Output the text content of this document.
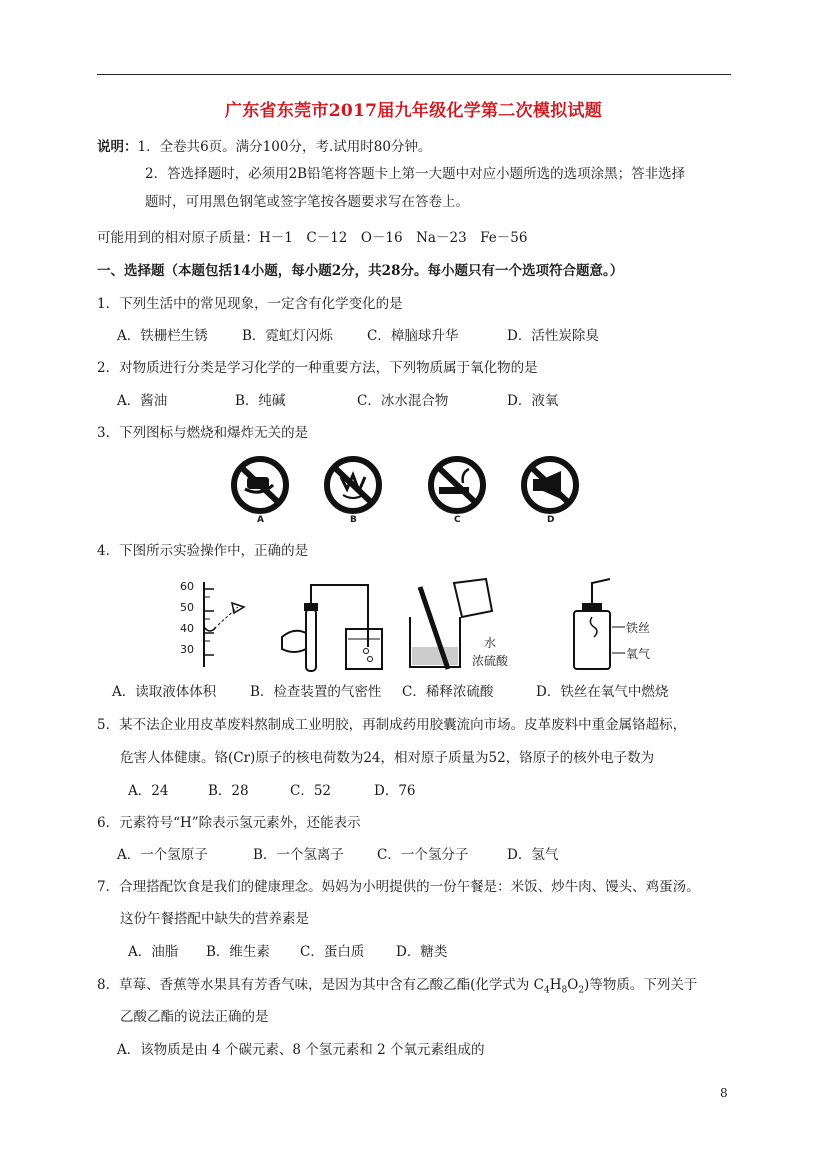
广东省东莞市2017届九年级化学第二次模拟试题
说明：1．全卷共6页。满分100分，考.试用时80分钟。
2．答选择题时，必须用2B铅笔将答题卡上第一大题中对应小题所选的选项涂黑；答非选择
题时，可用黑色钢笔或签字笔按各题要求写在答卷上。
可能用到的相对原子质量：H－1　C－12　O－16　Na－23　Fe－56
一、选择题（本题包括14小题，每小题2分，共28分。每小题只有一个选项符合题意。）
1．下列生活中的常见现象，一定含有化学变化的是
A．铁栅栏生锈	B．霓虹灯闪烁	C．樟脑球升华	D．活性炭除臭
2．对物质进行分类是学习化学的一种重要方法，下列物质属于氧化物的是
A．酱油	B．纯碱	C．冰水混合物	D．液氧
3．下列图标与燃烧和爆炸无关的是
A	B	C	D
4．下图所示实验操作中，正确的是
60
50
40
30	水
浓硫酸
铁丝
氧气
A．读取液体体积	B．检查装置的气密性 C．稀释浓硫酸	D．铁丝在氧气中燃烧
5．某不法企业用皮革废料熬制成工业明胶，再制成药用胶囊流向市场。皮革废料中重金属铬超标，
危害人体健康。铬(Cr)原子的核电荷数为24，相对原子质量为52，铬原子的核外电子数为
A．24	B．28	C．52	D．76
6．元素符号“H”除表示氢元素外，还能表示
A．一个氢原子	B．一个氢离子 C．一个氢分子	D．氢气
7．合理搭配饮食是我们的健康理念。妈妈为小明提供的一份午餐是：米饭、炒牛肉、馒头、鸡蛋汤。
这份午餐搭配中缺失的营养素是
A．油脂 B．维生素 C．蛋白质 D．糖类
8．草莓、香蕉等水果具有芳香气味，是因为其中含有乙酸乙酯(化学式为 $C_4H_8O_2$)等物质。下列关于
乙酸乙酯的说法正确的是
A．该物质是由 4 个碳元素、8 个氢元素和 2 个氧元素组成的
8
